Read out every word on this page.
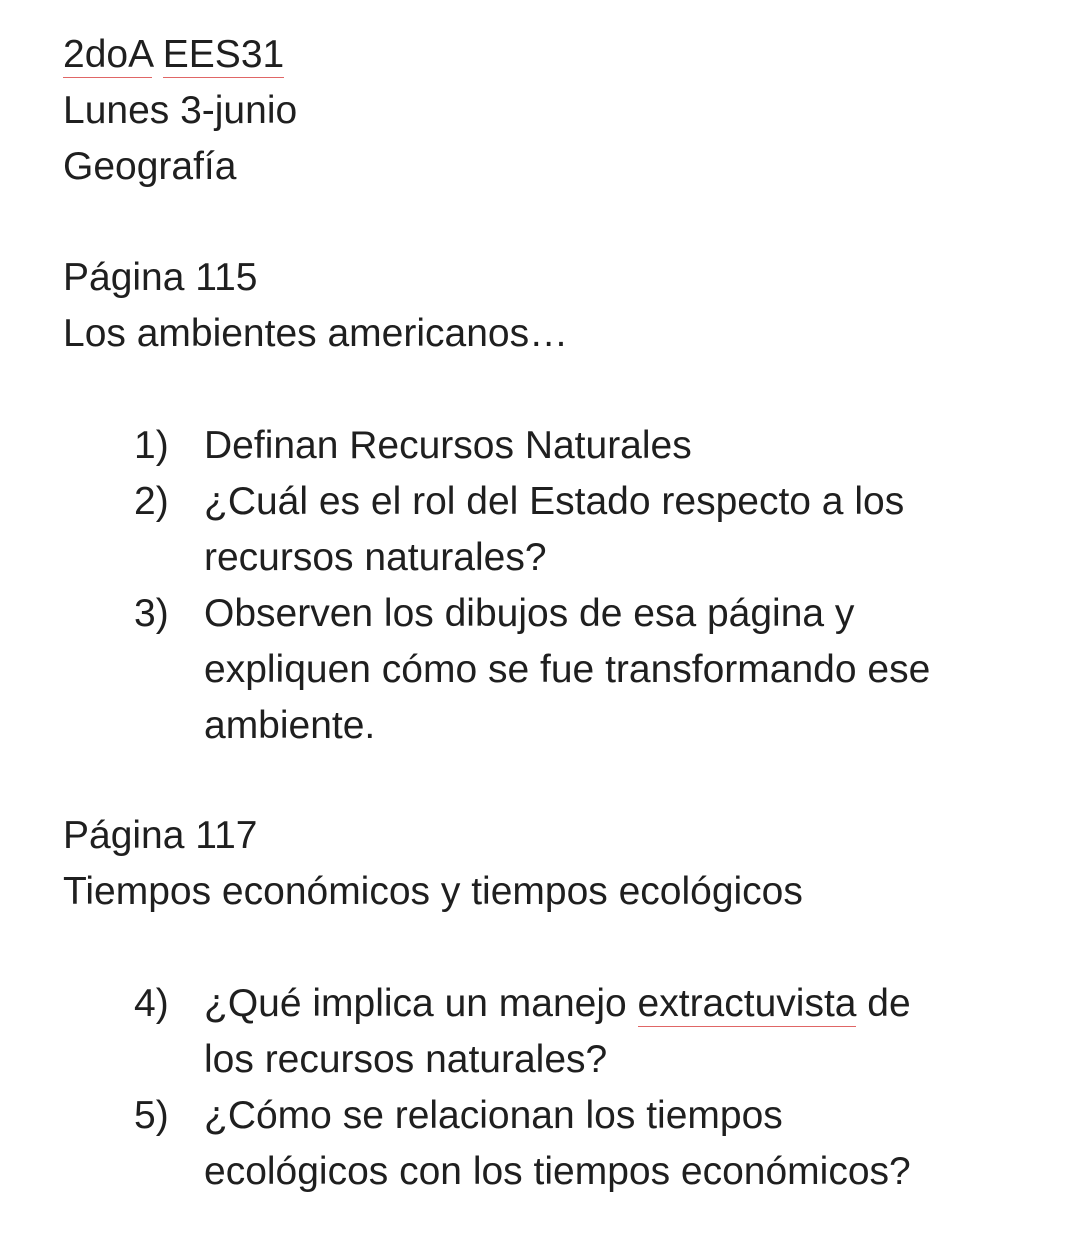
2doA EES31
Lunes 3-junio
Geografía
Página 115
Los ambientes americanos…
1) Definan Recursos Naturales
2) ¿Cuál es el rol del Estado respecto a los
recursos naturales?
3) Observen los dibujos de esa página y
expliquen cómo se fue transformando ese
ambiente.
Página 117
Tiempos económicos y tiempos ecológicos
4) ¿Qué implica un manejo extractuvista de
los recursos naturales?
5) ¿Cómo se relacionan los tiempos
ecológicos con los tiempos económicos?
